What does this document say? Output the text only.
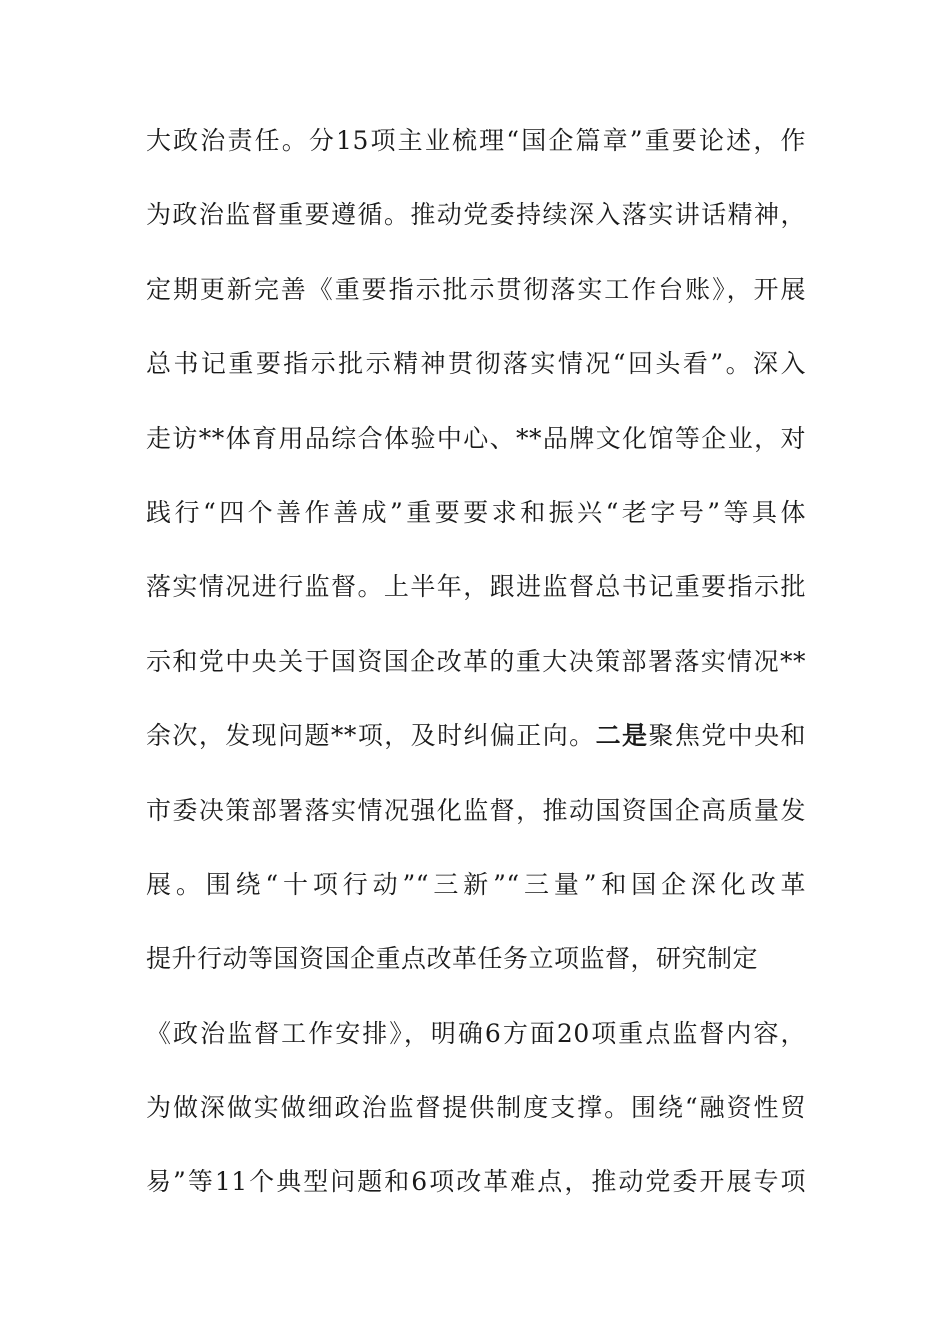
大政治责任。分15项主业梳理“国企篇章”重要论述，作
为政治监督重要遵循。推动党委持续深入落实讲话精神，
定期更新完善《重要指示批示贯彻落实工作台账》，开展
总书记重要指示批示精神贯彻落实情况“回头看”。深入
走访**体育用品综合体验中心、**品牌文化馆等企业，对
践行“四个善作善成”重要要求和振兴“老字号”等具体
落实情况进行监督。上半年，跟进监督总书记重要指示批
示和党中央关于国资国企改革的重大决策部署落实情况**
余次，发现问题**项，及时纠偏正向。二是聚焦党中央和
市委决策部署落实情况强化监督，推动国资国企高质量发
展。围绕“十项行动”“三新”“三量”和国企深化改革
提升行动等国资国企重点改革任务立项监督，研究制定
《政治监督工作安排》，明确6方面20项重点监督内容，
为做深做实做细政治监督提供制度支撑。围绕“融资性贸
易”等11个典型问题和6项改革难点，推动党委开展专项
